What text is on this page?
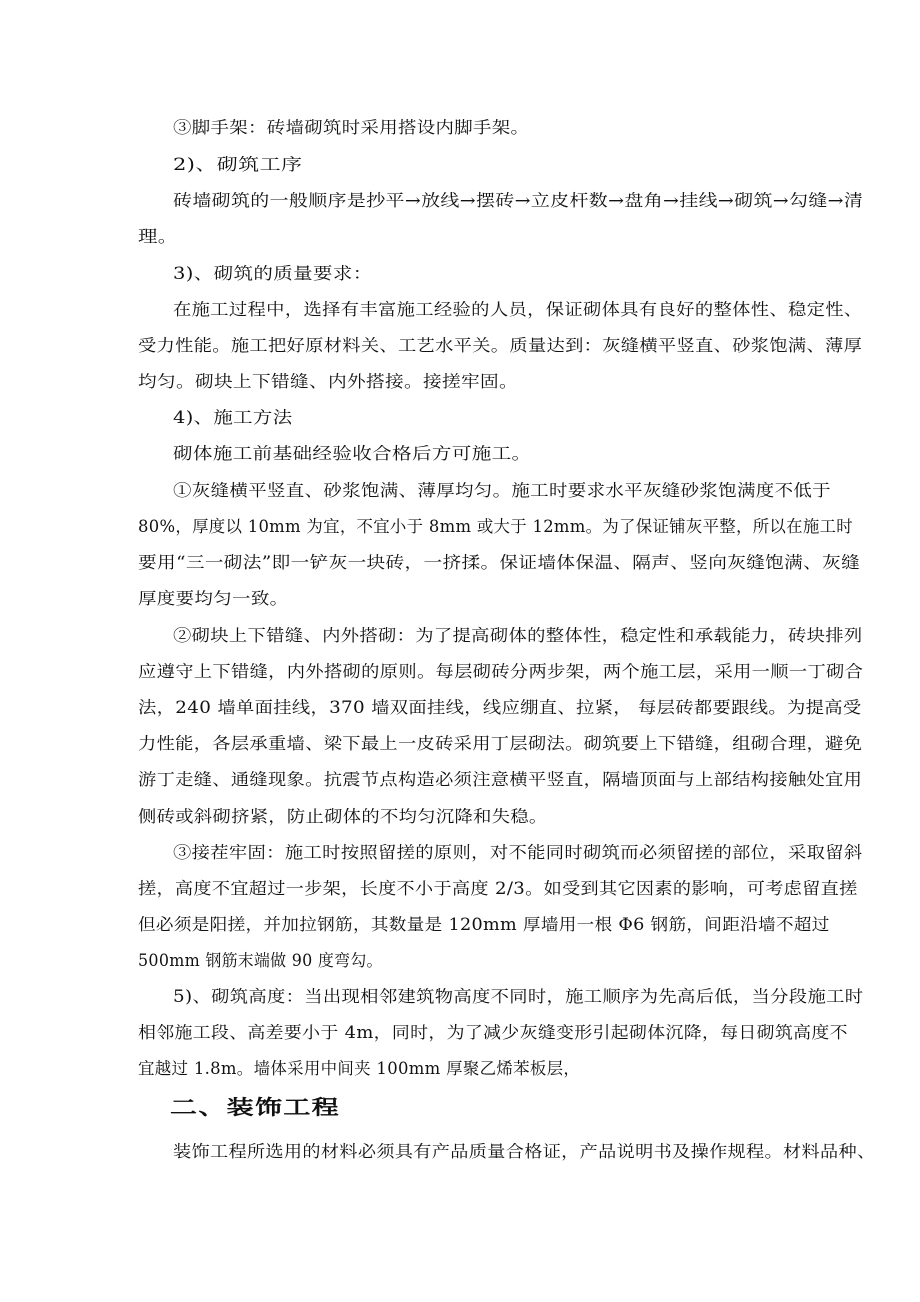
③脚手架：砖墙砌筑时采用搭设内脚手架。
2)、砌筑工序
砖墙砌筑的一般顺序是抄平→放线→摆砖→立皮杆数→盘角→挂线→砌筑→勾缝→清
理。
3)、砌筑的质量要求：
在施工过程中，选择有丰富施工经验的人员，保证砌体具有良好的整体性、稳定性、
受力性能。施工把好原材料关、工艺水平关。质量达到：灰缝横平竖直、砂浆饱满、薄厚
均匀。砌块上下错缝、内外搭接。接搓牢固。
4)、施工方法
砌体施工前基础经验收合格后方可施工。
①灰缝横平竖直、砂浆饱满、薄厚均匀。施工时要求水平灰缝砂浆饱满度不低于
80%，厚度以 10mm 为宜，不宜小于 8mm 或大于 12mm。为了保证铺灰平整，所以在施工时
要用“三一砌法”即一铲灰一块砖，一挤揉。保证墙体保温、隔声、竖向灰缝饱满、灰缝
厚度要均匀一致。
②砌块上下错缝、内外搭砌：为了提高砌体的整体性，稳定性和承载能力，砖块排列
应遵守上下错缝，内外搭砌的原则。每层砌砖分两步架，两个施工层，采用一顺一丁砌合
法，240 墙单面挂线，370 墙双面挂线，线应绷直、拉紧， 每层砖都要跟线。为提高受
力性能，各层承重墙、梁下最上一皮砖采用丁层砌法。砌筑要上下错缝，组砌合理，避免
游丁走缝、通缝现象。抗震节点构造必须注意横平竖直，隔墙顶面与上部结构接触处宜用
侧砖或斜砌挤紧，防止砌体的不均匀沉降和失稳。
③接茬牢固：施工时按照留搓的原则，对不能同时砌筑而必须留搓的部位，采取留斜
搓，高度不宜超过一步架，长度不小于高度 2/3。如受到其它因素的影响，可考虑留直搓
但必须是阳搓，并加拉钢筋，其数量是 120mm 厚墙用一根 Φ6 钢筋，间距沿墙不超过
500mm 钢筋末端做 90 度弯勾。
5)、砌筑高度：当出现相邻建筑物高度不同时，施工顺序为先高后低，当分段施工时
相邻施工段、高差要小于 4m，同时，为了减少灰缝变形引起砌体沉降，每日砌筑高度不
宜越过 1.8m。墙体采用中间夹 100mm 厚聚乙烯苯板层，
二、装饰工程
装饰工程所选用的材料必须具有产品质量合格证，产品说明书及操作规程。材料品种、
